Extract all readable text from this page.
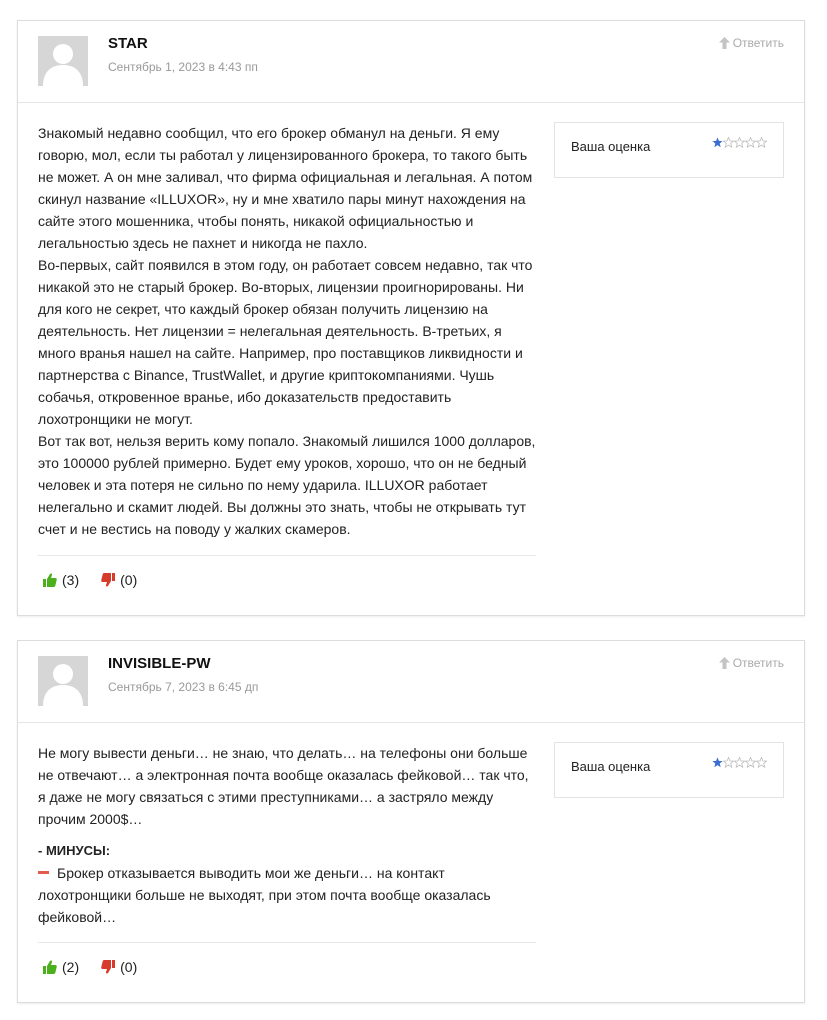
STAR
Сентябрь 1, 2023 в 4:43 пп
Ответить

Знакомый недавно сообщил, что его брокер обманул на деньги. Я ему говорю, мол, если ты работал у лицензированного брокера, то такого быть не может. А он мне заливал, что фирма официальная и легальная. А потом скинул название «ILLUXOR», ну и мне хватило пары минут нахождения на сайте этого мошенника, чтобы понять, никакой официальностью и легальностью здесь не пахнет и никогда не пахло.

Во-первых, сайт появился в этом году, он работает совсем недавно, так что никакой это не старый брокер. Во-вторых, лицензии проигнорированы. Ни для кого не секрет, что каждый брокер обязан получить лицензию на деятельность. Нет лицензии = нелегальная деятельность. В-третьих, я много вранья нашел на сайте. Например, про поставщиков ликвидности и партнерства с Binance, TrustWallet, и другие криптокомпаниями. Чушь собачья, откровенное вранье, ибо доказательств предоставить лохотронщики не могут.

Вот так вот, нельзя верить кому попало. Знакомый лишился 1000 долларов, это 100000 рублей примерно. Будет ему уроков, хорошо, что он не бедный человек и эта потеря не сильно по нему ударила. ILLUXOR работает нелегально и скамит людей. Вы должны это знать, чтобы не открывать тут счет и не вестись на поводу у жалких скамеров.

(3)	(0)
Ваша оценка
INVISIBLE-PW
Сентябрь 7, 2023 в 6:45 дп
Ответить

Не могу вывести деньги… не знаю, что делать… на телефоны они больше не отвечают… а электронная почта вообще оказалась фейковой… так что, я даже не могу связаться с этими преступниками… а застряло между прочим 2000$…

- МИНУСЫ:
Брокер отказывается выводить мои же деньги… на контакт лохотронщики больше не выходят, при этом почта вообще оказалась фейковой…
(2)	(0)
Ваша оценка
